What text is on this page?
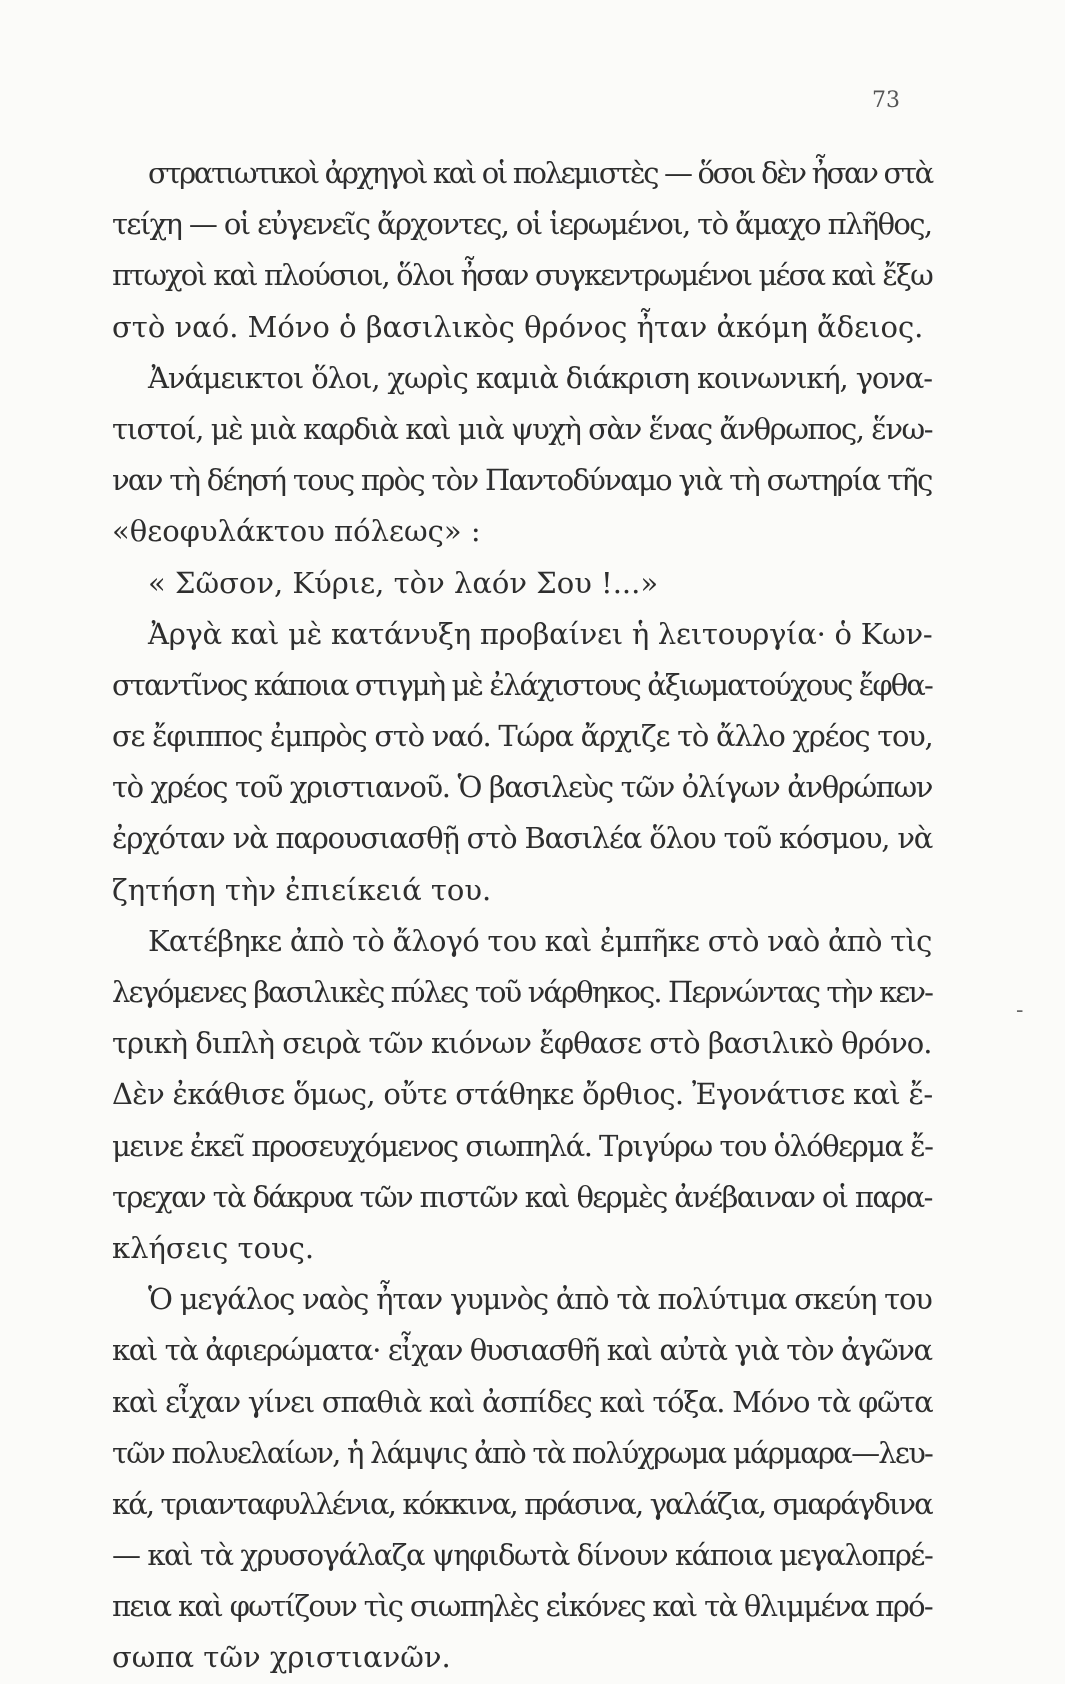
73
στρατιωτικοὶ ἀρχηγοὶ καὶ οἱ πολεμιστὲς — ὅσοι δὲν ἦσαν στὰ
τείχη — οἱ εὐγενεῖς ἄρχοντες, οἱ ἱερωμένοι, τὸ ἄμαχο πλῆθος,
πτωχοὶ καὶ πλούσιοι, ὅλοι ἦσαν συγκεντρωμένοι μέσα καὶ ἔξω
στὸ ναό. Μόνο ὁ βασιλικὸς θρόνος ἦταν ἀκόμη ἄδειος.
Ἀνάμεικτοι ὅλοι, χωρὶς καμιὰ διάκριση κοινωνική, γονα-
τιστοί, μὲ μιὰ καρδιὰ καὶ μιὰ ψυχὴ σὰν ἕνας ἄνθρωπος, ἕνω-
ναν τὴ δέησή τους πρὸς τὸν Παντοδύναμο γιὰ τὴ σωτηρία τῆς
«θεοφυλάκτου πόλεως» :
« Σῶσον, Κύριε, τὸν λαόν Σου !...»
Ἀργὰ καὶ μὲ κατάνυξη προβαίνει ἡ λειτουργία· ὁ Κων-
σταντῖνος κάποια στιγμὴ μὲ ἐλάχιστους ἀξιωματούχους ἔφθα-
σε ἔφιππος ἐμπρὸς στὸ ναό. Τώρα ἄρχιζε τὸ ἄλλο χρέος του,
τὸ χρέος τοῦ χριστιανοῦ. Ὁ βασιλεὺς τῶν ὀλίγων ἀνθρώπων
ἐρχόταν νὰ παρουσιασθῇ στὸ Βασιλέα ὅλου τοῦ κόσμου, νὰ
ζητήση τὴν ἐπιείκειά του.
Κατέβηκε ἀπὸ τὸ ἄλογό του καὶ ἐμπῆκε στὸ ναὸ ἀπὸ τὶς
λεγόμενες βασιλικὲς πύλες τοῦ νάρθηκος. Περνώντας τὴν κεν-
τρικὴ διπλὴ σειρὰ τῶν κιόνων ἔφθασε στὸ βασιλικὸ θρόνο.
Δὲν ἐκάθισε ὅμως, οὔτε στάθηκε ὄρθιος. Ἐγονάτισε καὶ ἔ-
μεινε ἐκεῖ προσευχόμενος σιωπηλά. Τριγύρω του ὁλόθερμα ἔ-
τρεχαν τὰ δάκρυα τῶν πιστῶν καὶ θερμὲς ἀνέβαιναν οἱ παρα-
κλήσεις τους.
Ὁ μεγάλος ναὸς ἦταν γυμνὸς ἀπὸ τὰ πολύτιμα σκεύη του
καὶ τὰ ἀφιερώματα· εἶχαν θυσιασθῆ καὶ αὐτὰ γιὰ τὸν ἀγῶνα
καὶ εἶχαν γίνει σπαθιὰ καὶ ἀσπίδες καὶ τόξα. Μόνο τὰ φῶτα
τῶν πολυελαίων, ἡ λάμψις ἀπὸ τὰ πολύχρωμα μάρμαρα—λευ-
κά, τριανταφυλλένια, κόκκινα, πράσινα, γαλάζια, σμαράγδινα
— καὶ τὰ χρυσογάλαζα ψηφιδωτὰ δίνουν κάποια μεγαλοπρέ-
πεια καὶ φωτίζουν τὶς σιωπηλὲς εἰκόνες καὶ τὰ θλιμμένα πρό-
σωπα τῶν χριστιανῶν.
-
